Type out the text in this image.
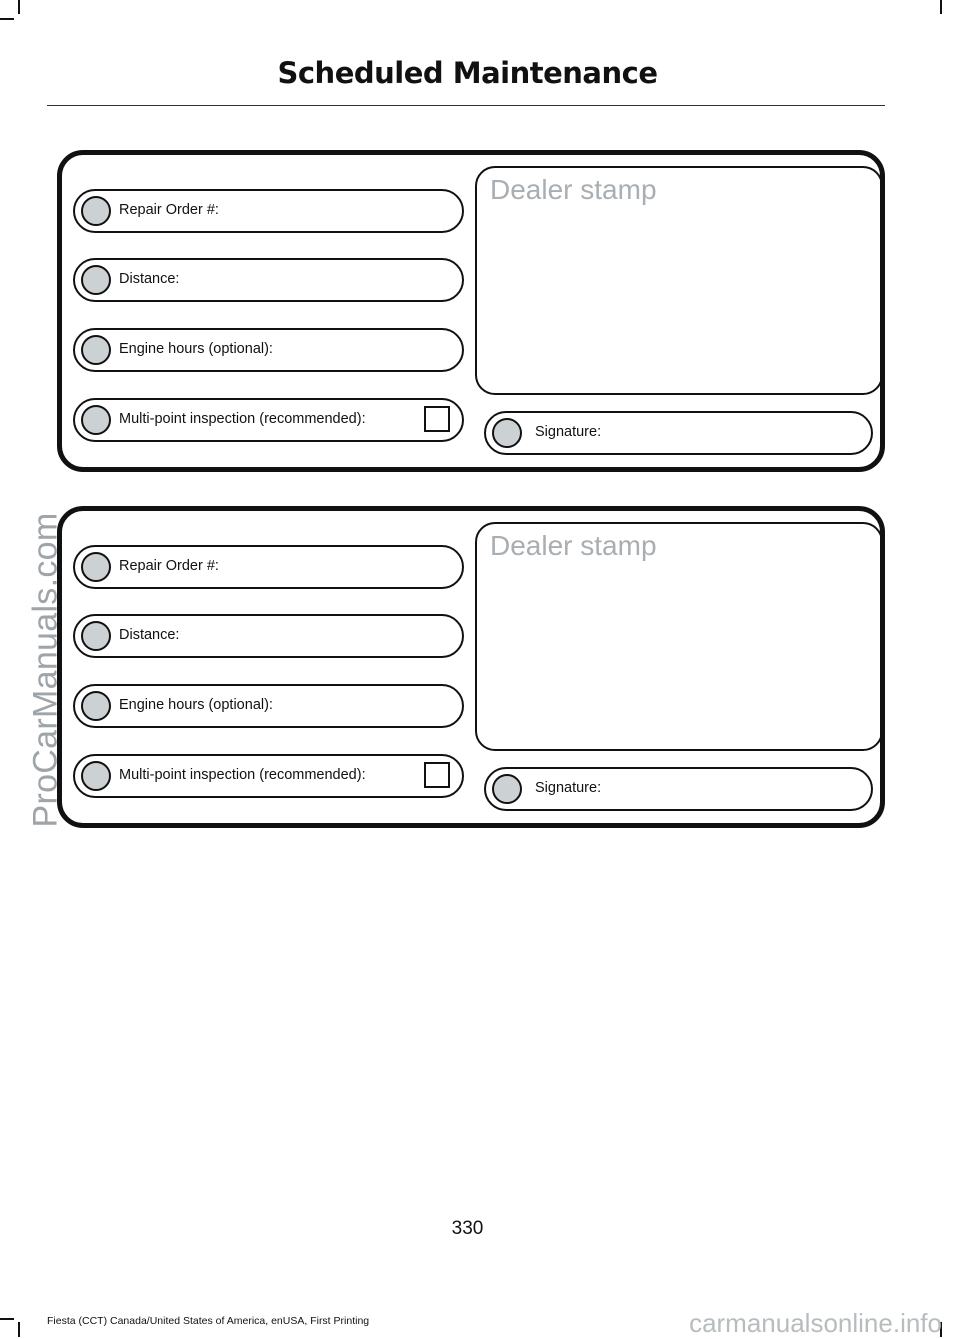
Scheduled Maintenance
Repair Order #:
Distance:
Engine hours (optional):
Multi-point inspection (recommended):
Dealer stamp
Signature:
Repair Order #:
Distance:
Engine hours (optional):
Multi-point inspection (recommended):
Dealer stamp
Signature:
ProCarManuals.com
330
Fiesta (CCT) Canada/United States of America, enUSA, First Printing	carmanualsonline.info
